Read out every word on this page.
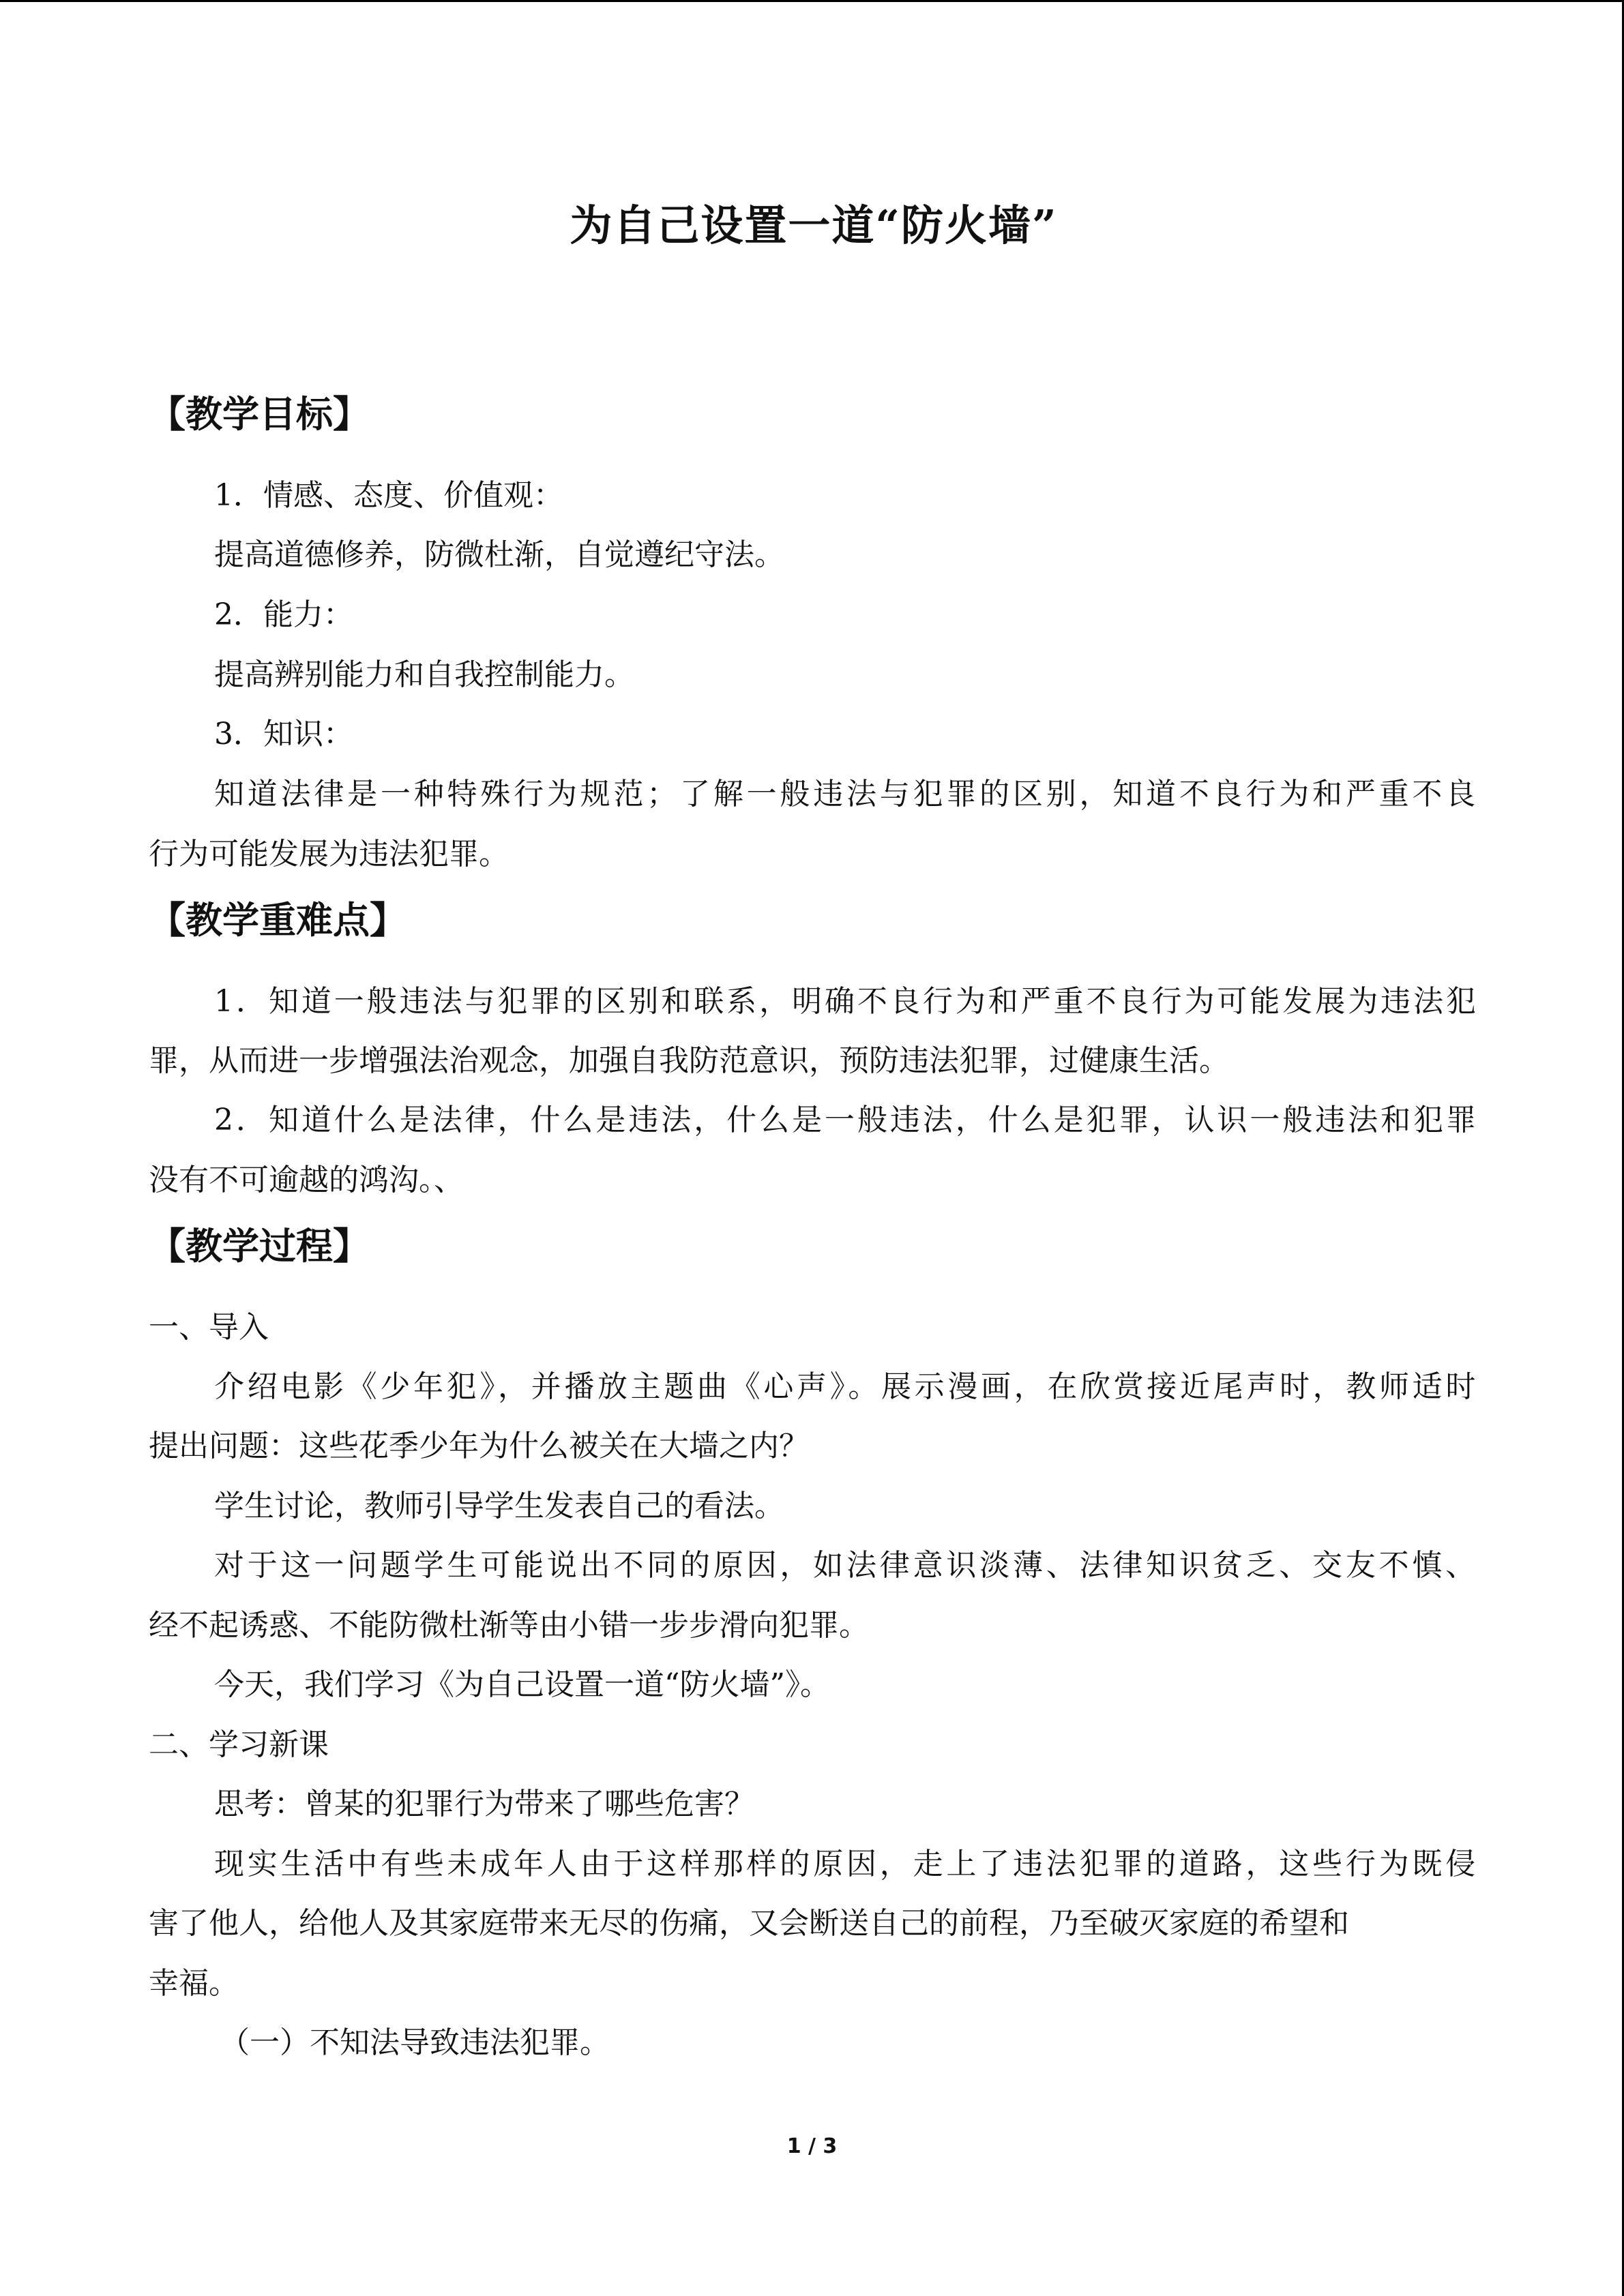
为自己设置一道“防火墙”
【教学目标】
1．情感、态度、价值观：
提高道德修养，防微杜渐，自觉遵纪守法。
2．能力：
提高辨别能力和自我控制能力。
3．知识：
知道法律是一种特殊行为规范；了解一般违法与犯罪的区别，知道不良行为和严重不良
行为可能发展为违法犯罪。
【教学重难点】
1．知道一般违法与犯罪的区别和联系，明确不良行为和严重不良行为可能发展为违法犯
罪，从而进一步增强法治观念，加强自我防范意识，预防违法犯罪，过健康生活。
2．知道什么是法律，什么是违法，什么是一般违法，什么是犯罪，认识一般违法和犯罪
没有不可逾越的鸿沟。、
【教学过程】
一、导入
介绍电影《少年犯》，并播放主题曲《心声》。展示漫画，在欣赏接近尾声时，教师适时
提出问题：这些花季少年为什么被关在大墙之内？
学生讨论，教师引导学生发表自己的看法。
对于这一问题学生可能说出不同的原因，如法律意识淡薄、法律知识贫乏、交友不慎、
经不起诱惑、不能防微杜渐等由小错一步步滑向犯罪。
今天，我们学习《为自己设置一道“防火墙”》。
二、学习新课
思考：曾某的犯罪行为带来了哪些危害？
现实生活中有些未成年人由于这样那样的原因，走上了违法犯罪的道路，这些行为既侵
害了他人，给他人及其家庭带来无尽的伤痛，又会断送自己的前程，乃至破灭家庭的希望和
幸福。
（一）不知法导致违法犯罪。
1 / 3
